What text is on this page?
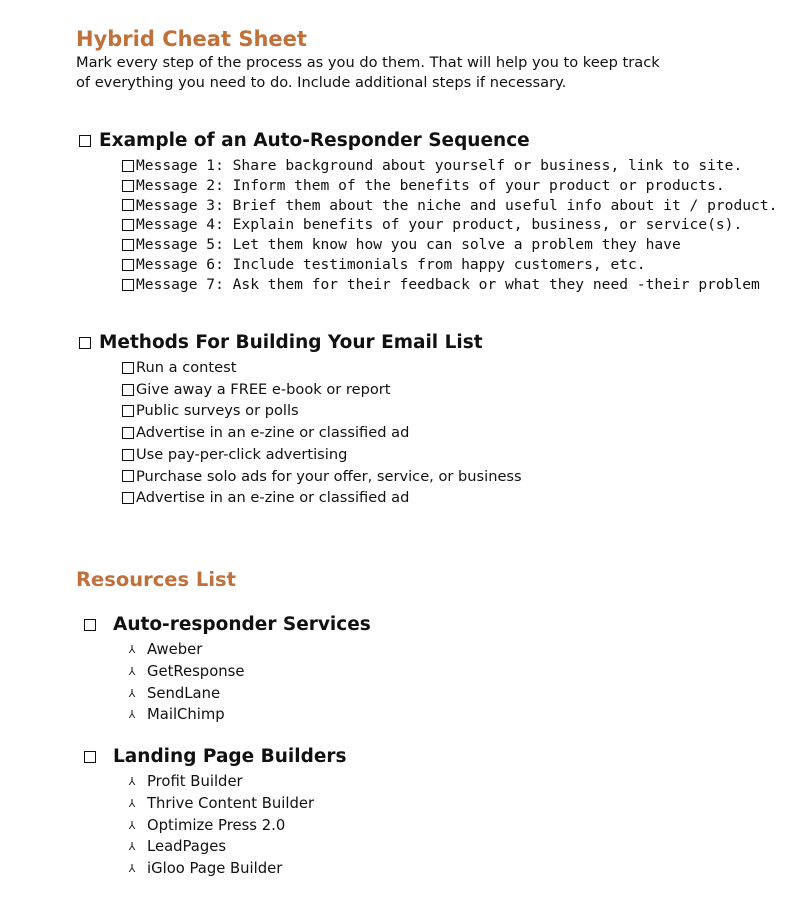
Hybrid Cheat Sheet
Mark every step of the process as you do them. That will help you to keep track
of everything you need to do. Include additional steps if necessary.
Example of an Auto-Responder Sequence
Message 1: Share background about yourself or business, link to site.
Message 2: Inform them of the benefits of your product or products.
Message 3: Brief them about the niche and useful info about it / product.
Message 4: Explain benefits of your product, business, or service(s).
Message 5: Let them know how you can solve a problem they have
Message 6: Include testimonials from happy customers, etc.
Message 7: Ask them for their feedback or what they need -their problem
Methods For Building Your Email List
Run a contest
Give away a FREE e-book or report
Public surveys or polls
Advertise in an e-zine or classified ad
Use pay-per-click advertising
Purchase solo ads for your offer, service, or business
Advertise in an e-zine or classified ad
Resources List
Auto-responder Services
⅄ Aweber
⅄ GetResponse
⅄ SendLane
⅄ MailChimp
Landing Page Builders
⅄ Profit Builder
⅄ Thrive Content Builder
⅄ Optimize Press 2.0
⅄ LeadPages
⅄ iGloo Page Builder
